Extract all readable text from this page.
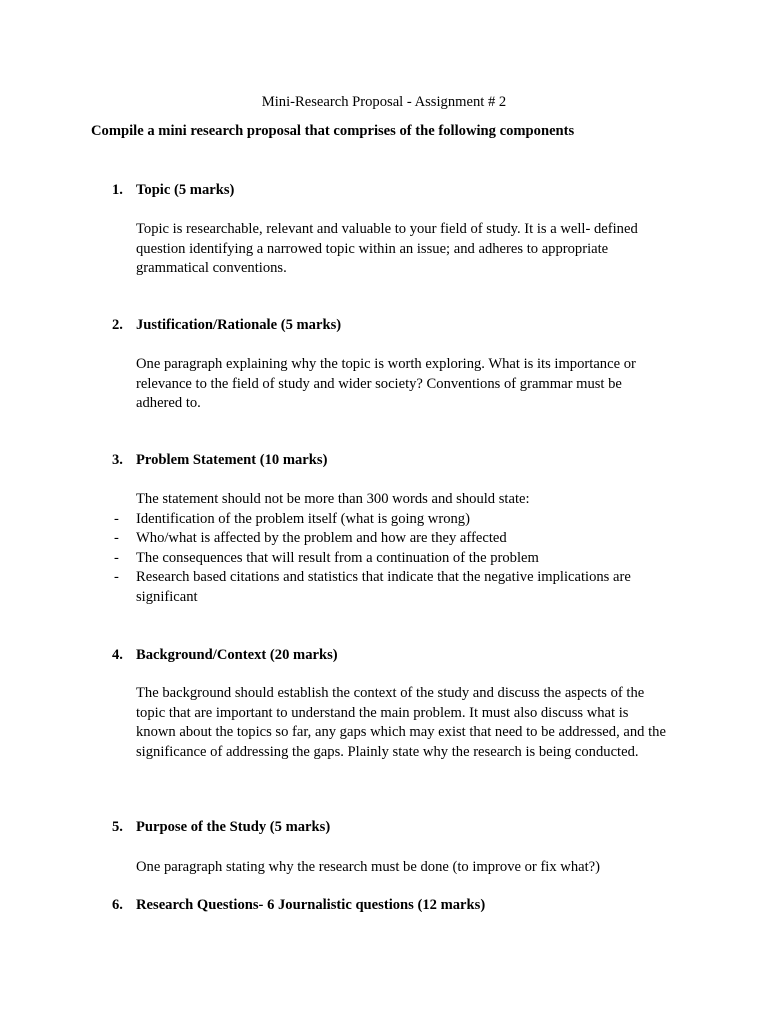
Mini-Research Proposal - Assignment # 2

Compile a mini research proposal that comprises of the following components

1. Topic (5 marks)

Topic is researchable, relevant and valuable to your field of study. It is a well- defined question identifying a narrowed topic within an issue; and adheres to appropriate grammatical conventions.

2. Justification/Rationale (5 marks)

One paragraph explaining why the topic is worth exploring. What is its importance or relevance to the field of study and wider society? Conventions of grammar must be adhered to.

3. Problem Statement (10 marks)

The statement should not be more than 300 words and should state:

- Identification of the problem itself (what is going wrong)
- Who/what is affected by the problem and how are they affected
- The consequences that will result from a continuation of the problem
- Research based citations and statistics that indicate that the negative implications are significant
4. Background/Context (20 marks)

The background should establish the context of the study and discuss the aspects of the topic that are important to understand the main problem. It must also discuss what is known about the topics so far, any gaps which may exist that need to be addressed, and the significance of addressing the gaps. Plainly state why the research is being conducted.

5. Purpose of the Study (5 marks)

One paragraph stating why the research must be done (to improve or fix what?)

6. Research Questions- 6 Journalistic questions (12 marks)
